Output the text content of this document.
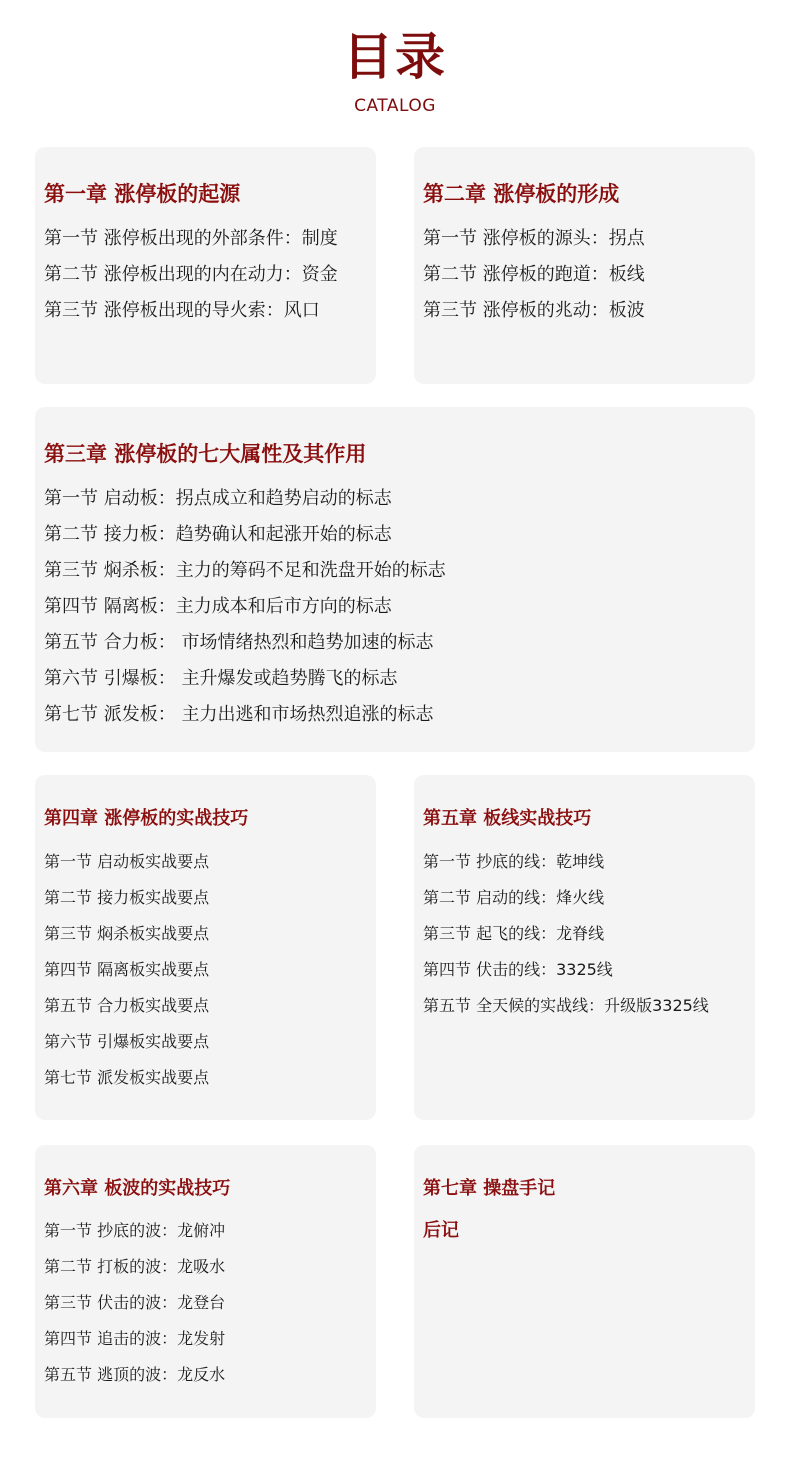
目录
CATALOG
第一章 涨停板的起源
第一节 涨停板出现的外部条件：制度
第二节 涨停板出现的内在动力：资金
第三节 涨停板出现的导火索：风口
第二章 涨停板的形成
第一节 涨停板的源头：拐点
第二节 涨停板的跑道：板线
第三节 涨停板的兆动：板波
第三章 涨停板的七大属性及其作用
第一节 启动板：拐点成立和趋势启动的标志
第二节 接力板：趋势确认和起涨开始的标志
第三节 焖杀板：主力的筹码不足和洗盘开始的标志
第四节 隔离板：主力成本和后市方向的标志
第五节 合力板： 市场情绪热烈和趋势加速的标志
第六节 引爆板： 主升爆发或趋势腾飞的标志
第七节 派发板： 主力出逃和市场热烈追涨的标志
第四章 涨停板的实战技巧
第一节 启动板实战要点
第二节 接力板实战要点
第三节 焖杀板实战要点
第四节 隔离板实战要点
第五节 合力板实战要点
第六节 引爆板实战要点
第七节 派发板实战要点
第五章 板线实战技巧
第一节 抄底的线：乾坤线
第二节 启动的线：烽火线
第三节 起飞的线：龙脊线
第四节 伏击的线：3325线
第五节 全天候的实战线：升级版3325线
第六章 板波的实战技巧
第一节 抄底的波：龙俯冲
第二节 打板的波：龙吸水
第三节 伏击的波：龙登台
第四节 追击的波：龙发射
第五节 逃顶的波：龙反水
第七章 操盘手记
后记
